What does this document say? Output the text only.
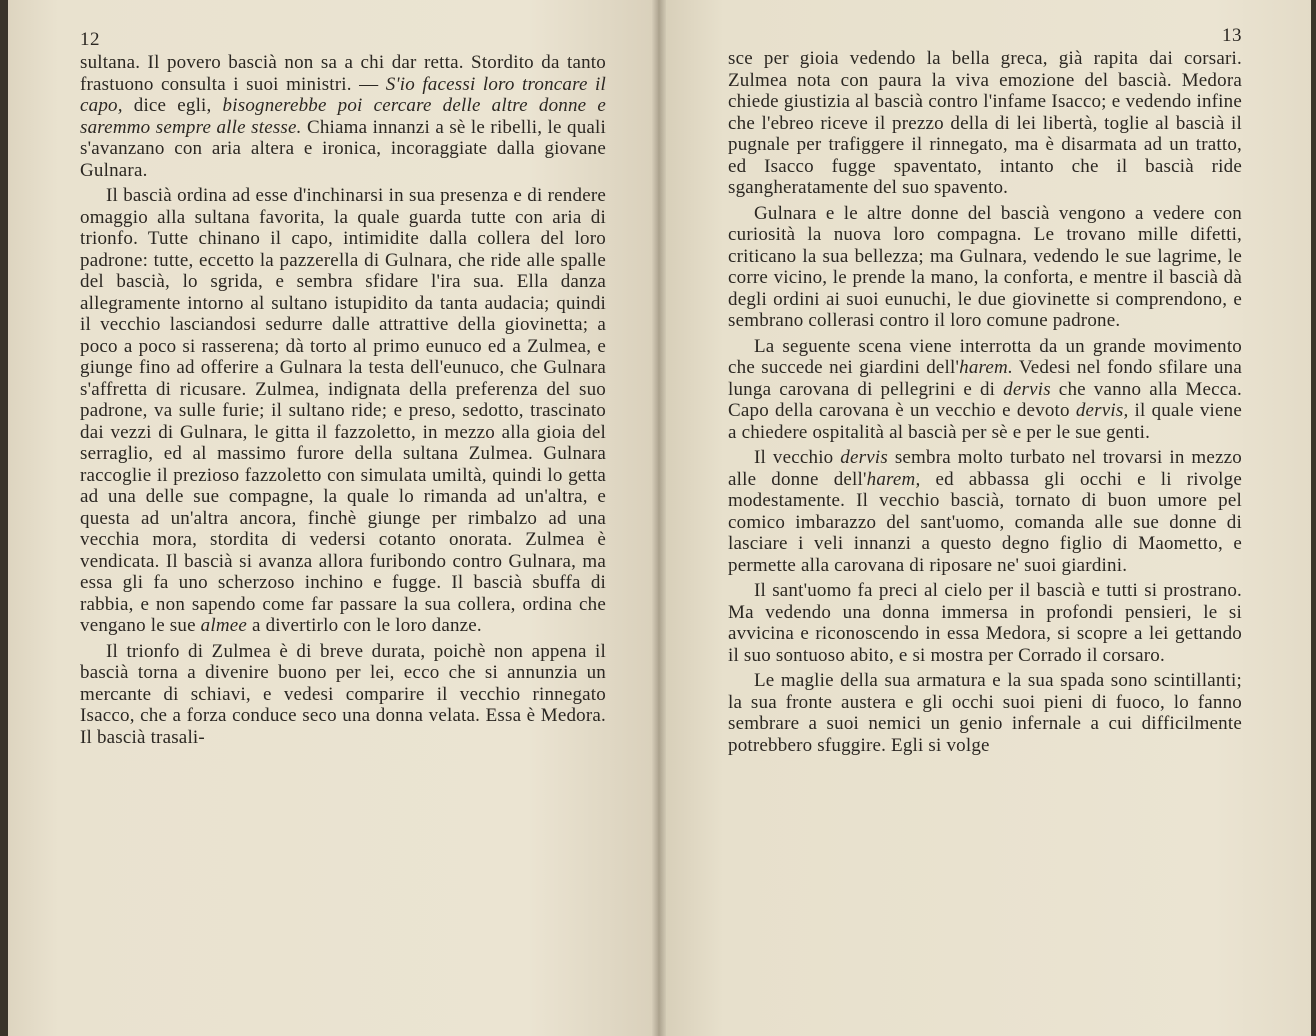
12

sultana. Il povero bascià non sa a chi dar retta. Stordito da tanto frastuono consulta i suoi ministri. — S'io facessi loro troncare il capo, dice egli, bisognerebbe poi cercare delle altre donne e saremmo sempre alle stesse. Chiama innanzi a sè le ribelli, le quali s'avanzano con aria altera e ironica, incoraggiate dalla giovane Gulnara.

Il bascià ordina ad esse d'inchinarsi in sua presenza e di rendere omaggio alla sultana favorita, la quale guarda tutte con aria di trionfo. Tutte chinano il capo, intimidite dalla collera del loro padrone: tutte, eccetto la pazzerella di Gulnara, che ride alle spalle del bascià, lo sgrida, e sembra sfidare l'ira sua. Ella danza allegramente intorno al sultano istupidito da tanta audacia; quindi il vecchio lasciandosi sedurre dalle attrattive della giovinetta; a poco a poco si rasserena; dà torto al primo eunuco ed a Zulmea, e giunge fino ad offerire a Gulnara la testa dell'eunuco, che Gulnara s'affretta di ricusare. Zulmea, indignata della preferenza del suo padrone, va sulle furie; il sultano ride; e preso, sedotto, trascinato dai vezzi di Gulnara, le gitta il fazzoletto, in mezzo alla gioia del serraglio, ed al massimo furore della sultana Zulmea. Gulnara raccoglie il prezioso fazzoletto con simulata umiltà, quindi lo getta ad una delle sue compagne, la quale lo rimanda ad un'altra, e questa ad un'altra ancora, finchè giunge per rimbalzo ad una vecchia mora, stordita di vedersi cotanto onorata. Zulmea è vendicata. Il bascià si avanza allora furibondo contro Gulnara, ma essa gli fa uno scherzoso inchino e fugge. Il bascià sbuffa di rabbia, e non sapendo come far passare la sua collera, ordina che vengano le sue almee a divertirlo con le loro danze.

Il trionfo di Zulmea è di breve durata, poichè non appena il bascià torna a divenire buono per lei, ecco che si annunzia un mercante di schiavi, e vedesi comparire il vecchio rinnegato Isacco, che a forza conduce seco una donna velata. Essa è Medora. Il bascià trasali-

13

sce per gioia vedendo la bella greca, già rapita dai corsari. Zulmea nota con paura la viva emozione del bascià. Medora chiede giustizia al bascià contro l'infame Isacco; e vedendo infine che l'ebreo riceve il prezzo della di lei libertà, toglie al bascià il pugnale per trafiggere il rinnegato, ma è disarmata ad un tratto, ed Isacco fugge spaventato, intanto che il bascià ride sgangheratamente del suo spavento.

Gulnara e le altre donne del bascià vengono a vedere con curiosità la nuova loro compagna. Le trovano mille difetti, criticano la sua bellezza; ma Gulnara, vedendo le sue lagrime, le corre vicino, le prende la mano, la conforta, e mentre il bascià dà degli ordini ai suoi eunuchi, le due giovinette si comprendono, e sembrano collerasi contro il loro comune padrone.

La seguente scena viene interrotta da un grande movimento che succede nei giardini dell'harem. Vedesi nel fondo sfilare una lunga carovana di pellegrini e di dervis che vanno alla Mecca. Capo della carovana è un vecchio e devoto dervis, il quale viene a chiedere ospitalità al bascià per sè e per le sue genti.

Il vecchio dervis sembra molto turbato nel trovarsi in mezzo alle donne dell'harem, ed abbassa gli occhi e li rivolge modestamente. Il vecchio bascià, tornato di buon umore pel comico imbarazzo del sant'uomo, comanda alle sue donne di lasciare i veli innanzi a questo degno figlio di Maometto, e permette alla carovana di riposare ne' suoi giardini.

Il sant'uomo fa preci al cielo per il bascià e tutti si prostrano. Ma vedendo una donna immersa in profondi pensieri, le si avvicina e riconoscendo in essa Medora, si scopre a lei gettando il suo sontuoso abito, e si mostra per Corrado il corsaro.

Le maglie della sua armatura e la sua spada sono scintillanti; la sua fronte austera e gli occhi suoi pieni di fuoco, lo fanno sembrare a suoi nemici un genio infernale a cui difficilmente potrebbero sfuggire. Egli si volge
